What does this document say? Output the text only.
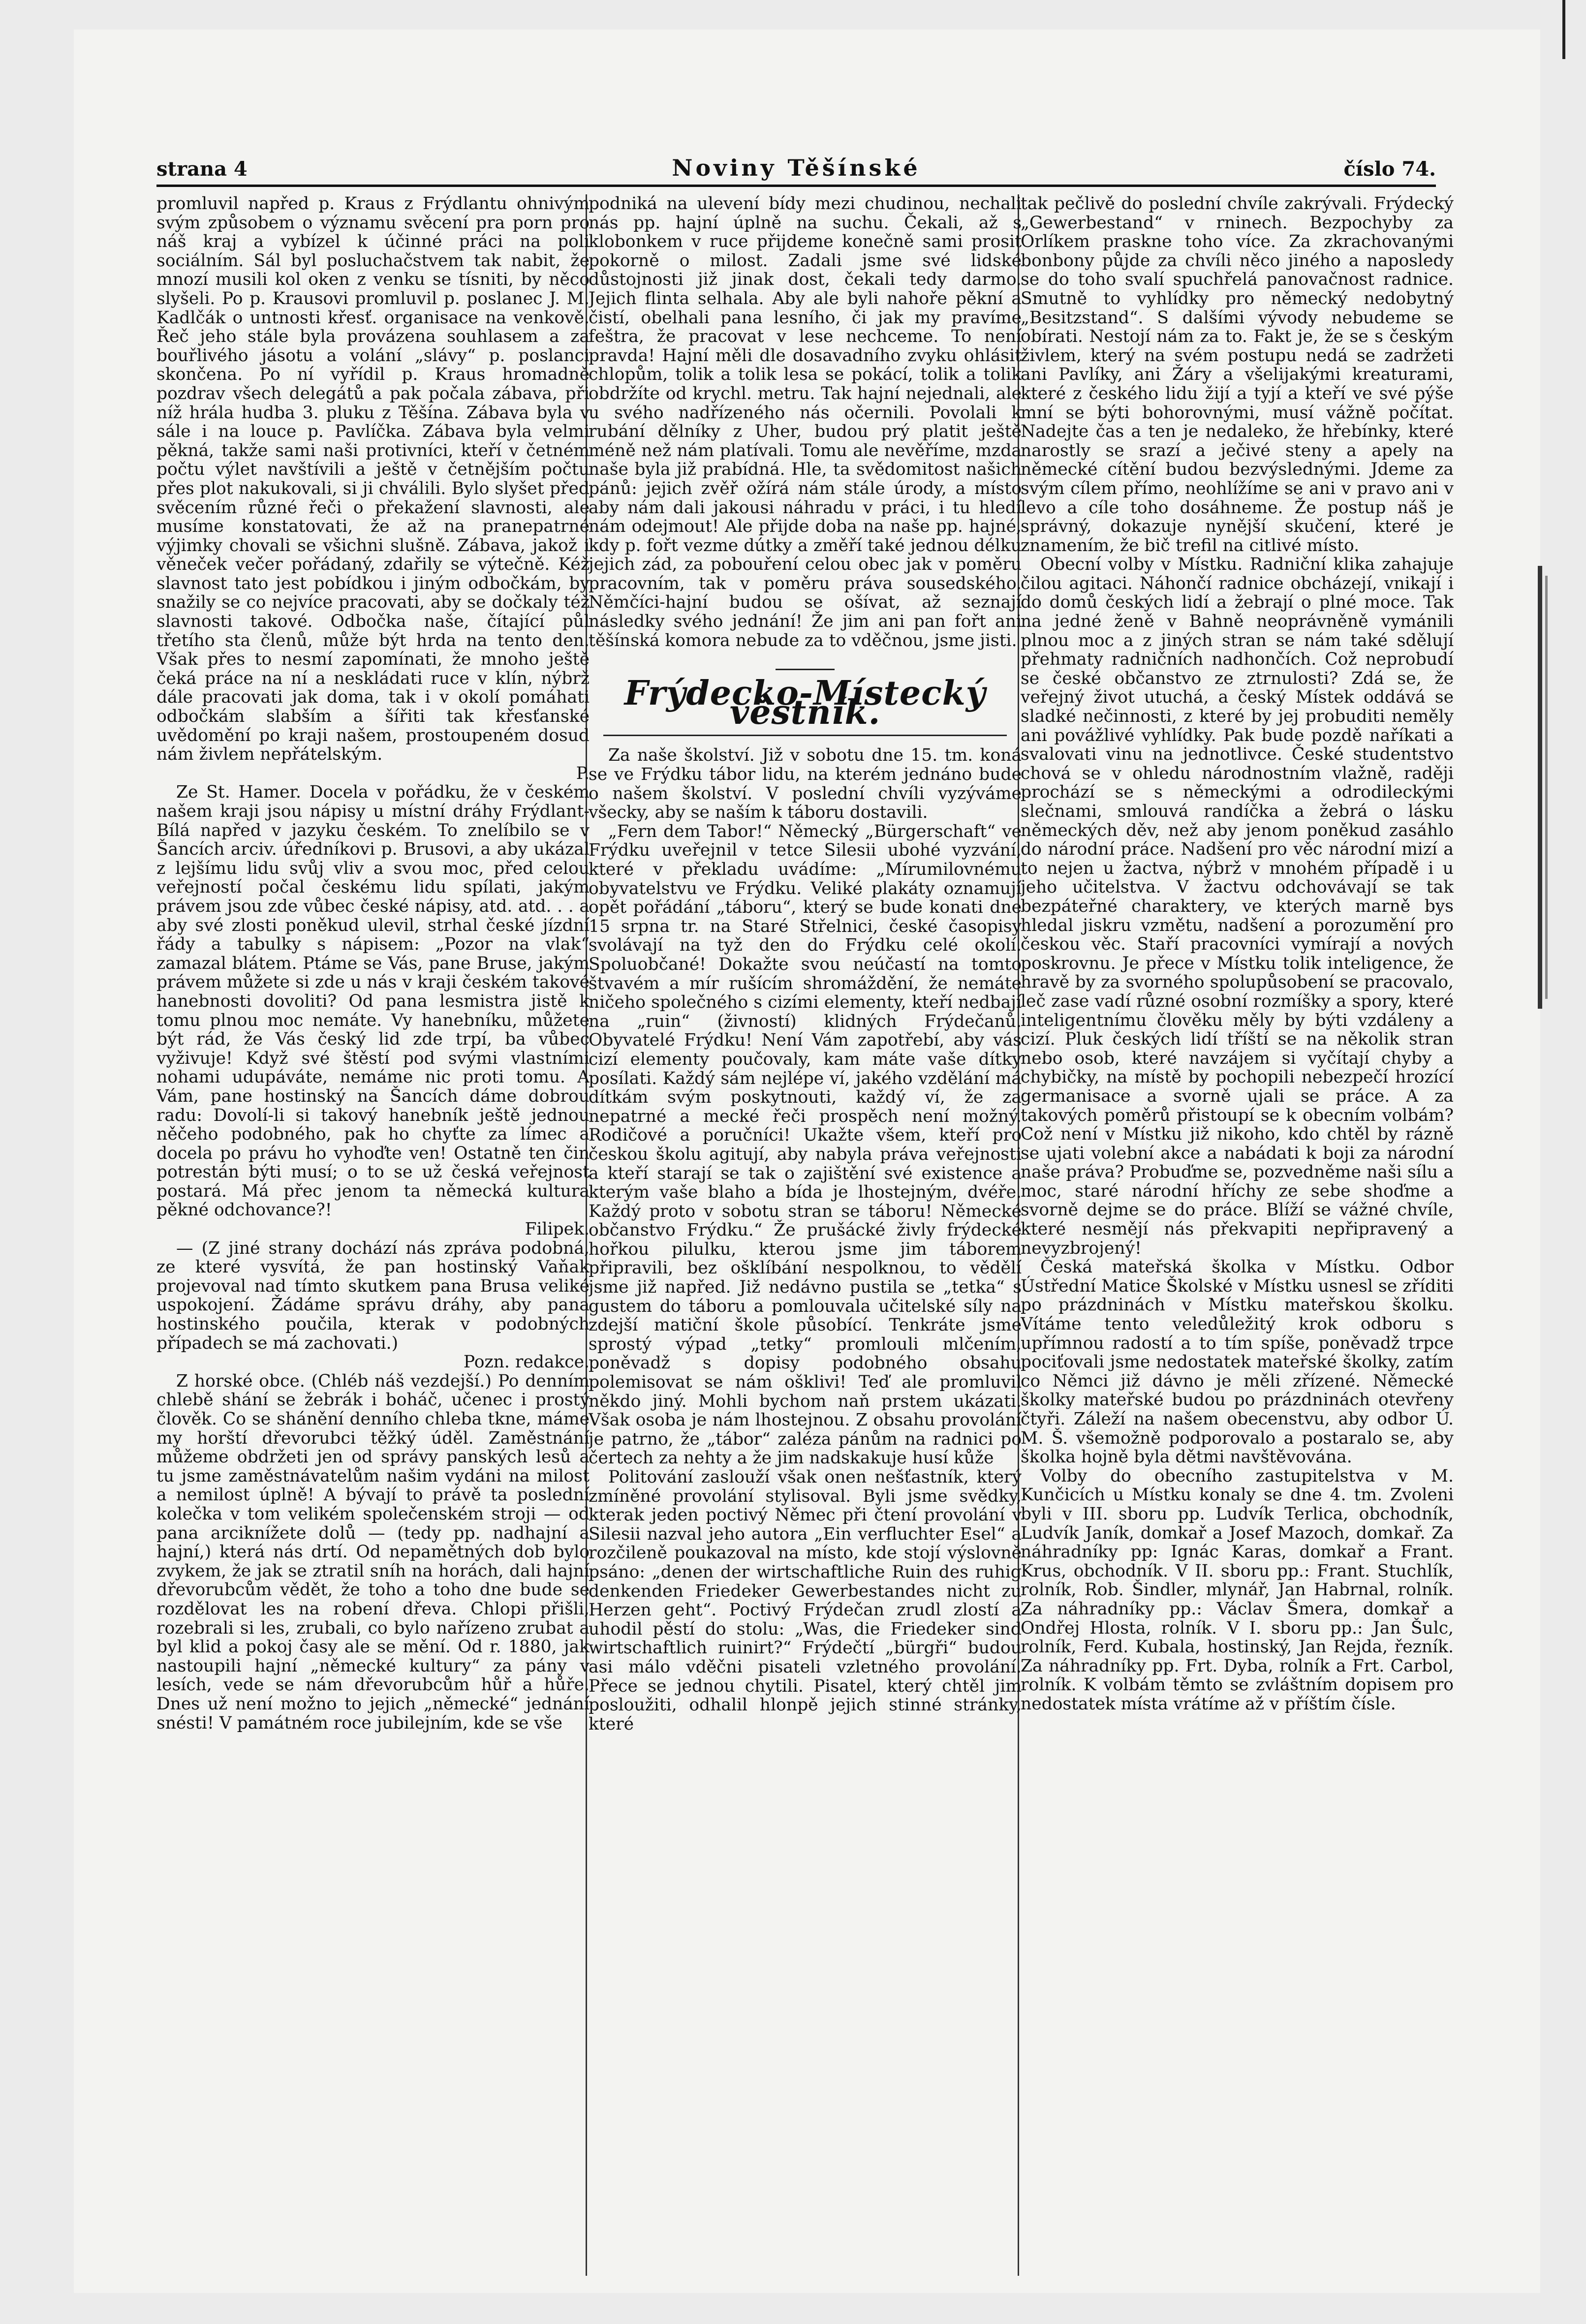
strana 4	Noviny Těšínské	číslo 74.

promluvil napřed p. Kraus z Frýdlantu ohnivým svým způsobem o významu svěcení pra porn pro náš kraj a vybízel k účinné práci na poli sociálním. Sál byl posluchačstvem tak nabit, že mnozí musili kol oken z venku se tísniti, by něco slyšeli. Po p. Krausovi promluvil p. poslanec J. M. Kadlčák o untnosti křesť. organisace na venkově. Řeč jeho stále byla provázena souhlasem a za bouřlivého jásotu a volání „slávy“ p. poslanci skončena. Po ní vyřídil p. Kraus hromadně pozdrav všech delegátů a pak počala zábava, při níž hrála hudba 3. pluku z Těšína. Zábava byla v sále i na louce p. Pavlíčka. Zábava byla velmi pěkná, takže sami naši protivníci, kteří v četném počtu výlet navštívili a ještě v četnějším počtu přes plot nakukovali, si ji chválili. Bylo slyšet před svěcením různé řeči o překažení slavnosti, ale musíme konstatovati, že až na pranepatrné výjimky chovali se všichni slušně. Zábava, jakož i věneček večer pořádaný, zdařily se výtečně. Kéž slavnost tato jest pobídkou i jiným odbočkám, by snažily se co nejvíce pracovati, aby se dočkaly též slavnosti takové. Odbočka naše, čítající půl třetího sta členů, může být hrda na tento den. Však přes to nesmí zapomínati, že mnoho ještě čeká práce na ní a neskládati ruce v klín, nýbrž dále pracovati jak doma, tak i v okolí pomáhati odbočkám slabším a šířiti tak křesťanské uvědomění po kraji našem, prostoupeném dosud nám živlem nepřátelským.

P.

Ze St. Hamer. Docela v pořádku, že v českém našem kraji jsou nápisy u místní dráhy Frýdlant-Bílá napřed v jazyku českém. To znelíbilo se v Šancích arciv. úředníkovi p. Brusovi, a aby ukázal z lejšímu lidu svůj vliv a svou moc, před celou veřejností počal českému lidu spílati, jakým právem jsou zde vůbec české nápisy, atd. atd. . . a aby své zlosti poněkud ulevil, strhal české jízdní řády a tabulky s nápisem: „Pozor na vlak“ zamazal blátem. Ptáme se Vás, pane Bruse, jakým právem můžete si zde u nás v kraji českém takové hanebnosti dovoliti? Od pana lesmistra jistě k tomu plnou moc nemáte. Vy hanebníku, můžete být rád, že Vás český lid zde trpí, ba vůbec vyživuje! Když své štěstí pod svými vlastními nohami udupáváte, nemáme nic proti tomu. A Vám, pane hostinský na Šancích dáme dobrou radu: Dovolí-li si takový hanebník ještě jednou něčeho podobného, pak ho chyťte za límec a docela po právu ho vyhoďte ven! Ostatně ten čin potrestán býti musí; o to se už česká veřejnost postará. Má přec jenom ta německá kultura pěkné odchovance?!

Filipek.

— (Z jiné strany dochází nás zpráva podobná, ze které vysvítá, že pan hostinský Vaňak projevoval nad tímto skutkem pana Brusa veliké uspokojení. Žádáme správu dráhy, aby pana hostinského poučila, kterak v podobných případech se má zachovati.)

Pozn. redakce.

Z horské obce. (Chléb náš vezdejší.) Po denním chlebě shání se žebrák i boháč, učenec i prostý člověk. Co se shánění denního chleba tkne, máme my horští dřevorubci těžký úděl. Zaměstnání můžeme obdržeti jen od správy panských lesů a tu jsme zaměstnávatelům našim vydáni na milost a nemilost úplně! A bývají to právě ta poslední kolečka v tom velikém společenském stroji — od pana arciknížete dolů — (tedy pp. nadhajní a hajní,) která nás drtí. Od nepamětných dob bylo zvykem, že jak se ztratil sníh na horách, dali hajní dřevorubcům vědět, že toho a toho dne bude se rozdělovat les na robení dřeva. Chlopi přišli, rozebrali si les, zrubali, co bylo nařízeno zrubat a byl klid a pokoj časy ale se mění. Od r. 1880, jak nastoupili hajní „německé kultury“ za pány v lesích, vede se nám dřevorubcům hůř a hůře. Dnes už není možno to jejich „německé“ jednání snésti! V památném roce jubilejním, kde se vše

podniká na ulevení bídy mezi chudinou, nechali nás pp. hajní úplně na suchu. Čekali, až s klobonkem v ruce přijdeme konečně sami prosit pokorně o milost. Zadali jsme své lidské důstojnosti již jinak dost, čekali tedy darmo. Jejich flinta selhala. Aby ale byli nahoře pěkní a čistí, obelhali pana lesního, či jak my pravíme feštra, že pracovat v lese nechceme. To není pravda! Hajní měli dle dosavadního zvyku ohlásit chlopům, tolik a tolik lesa se pokácí, tolik a tolik obdržíte od krychl. metru. Tak hajní nejednali, ale u svého nadřízeného nás očernili. Povolali k rubání dělníky z Uher, budou prý platit ještě méně než nám platívali. Tomu ale nevěříme, mzda naše byla již prabídná. Hle, ta svědomitost našich pánů: jejich zvěř ožírá nám stále úrody, a místo aby nám dali jakousi náhradu v práci, i tu hledí nám odejmout! Ale přijde doba na naše pp. hajné, kdy p. fořt vezme dútky a změří také jednou délku jejich zád, za pobouření celou obec jak v poměru pracovním, tak v poměru práva sousedského. Němčíci-hajní budou se ošívat, až seznají následky svého jednání! Že jim ani pan fořt ani těšínská komora nebude za to vděčnou, jsme jisti.

Frýdecko-Místecký věstník.

Za naše školství. Již v sobotu dne 15. tm. koná se ve Frýdku tábor lidu, na kterém jednáno bude o našem školství. V poslední chvíli vyzýváme všecky, aby se naším k táboru dostavili.

„Fern dem Tabor!“ Německý „Bürgerschaft“ ve Frýdku uveřejnil v tetce Silesii ubohé vyzvání, které v překladu uvádíme: „Mírumilovnému obyvatelstvu ve Frýdku. Veliké plakáty oznamují opět pořádání „táboru“, který se bude konati dne 15 srpna tr. na Staré Střelnici, české časopisy svolávají na tyž den do Frýdku celé okolí. Spoluobčané! Dokažte svou neúčastí na tomto štvavém a mír rušícím shromáždění, že nemáte ničeho společného s cizími elementy, kteří nedbají na „ruin“ (živností) klidných Frýdečanů. Obyvatelé Frýdku! Není Vám zapotřebí, aby vás cizí elementy poučovaly, kam máte vaše dítky posílati. Každý sám nejlépe ví, jakého vzdělání má dítkám svým poskytnouti, každý ví, že za nepatrné a mecké řeči prospěch není možný. Rodičové a poručníci! Ukažte všem, kteří pro českou školu agitují, aby nabyla práva veřejnosti a kteří starají se tak o zajištění své existence a kterým vaše blaho a bída je lhostejným, dvéře. Každý proto v sobotu stran se táboru! Německé občanstvo Frýdku.“ Že prušácké živly frýdecké hořkou pilulku, kterou jsme jim táborem připravili, bez ošklíbání nespolknou, to vědělí jsme již napřed. Již nedávno pustila se „tetka“ s gustem do táboru a pomlouvala učitelské síly na zdejší matiční škole působící. Tenkráte jsme sprostý výpad „tetky“ promlouli mlčením, poněvadž s dopisy podobného obsahu polemisovat se nám ošklivi! Teď ale promluvil někdo jiný. Mohli bychom naň prstem ukázati. Však osoba je nám lhostejnou. Z obsahu provolání je patrno, že „tábor“ zaléza pánům na radnici po čertech za nehty a že jim nadskakuje husí kůže

Politování zaslouží však onen nešťastník, který zmíněné provolání stylisoval. Byli jsme svědky, kterak jeden poctivý Němec při čtení provolání v Silesii nazval jeho autora „Ein verfluchter Esel“ a rozčileně poukazoval na místo, kde stojí výslovně psáno: „denen der wirtschaftliche Ruin des ruhig denkenden Friedeker Gewerbestandes nicht zu Herzen geht“. Poctivý Frýdečan zrudl zlostí a uhodil pěstí do stolu: „Was, die Friedeker sind wirtschaftlich ruinirt?“ Frýdečtí „bürgři“ budou asi málo vděčni pisateli vzletného provolání. Přece se jednou chytili. Pisatel, který chtěl jim posloužiti, odhalil hlonpě jejich stinné stránky, které

tak pečlivě do poslední chvíle zakrývali. Frýdecký „Gewerbestand“ v rninech. Bezpochyby za Orlíkem praskne toho více. Za zkrachovanými bonbony půjde za chvíli něco jiného a naposledy se do toho svalí spuchřelá panovačnost radnice. Smutně to vyhlídky pro německý nedobytný „Besitzstand“. S dalšími vývody nebudeme se obírati. Nestojí nám za to. Fakt je, že se s českým živlem, který na svém postupu nedá se zadržeti ani Pavlíky, ani Žáry a všelijakými kreaturami, které z českého lidu žijí a tyjí a kteří ve své pýše mní se býti bohorovnými, musí vážně počítat. Nadejte čas a ten je nedaleko, že hřebínky, které narostly se srazí a ječivé steny a apely na německé cítění budou bezvýslednými. Jdeme za svým cílem přímo, neohlížíme se ani v pravo ani v levo a cíle toho dosáhneme. Že postup náš je správný, dokazuje nynější skučení, které je znamením, že bič trefil na citlivé místo.

Obecní volby v Místku. Radniční klika zahajuje čilou agitaci. Náhončí radnice obcházejí, vnikají i do domů českých lidí a žebrají o plné moce. Tak na jedné ženě v Bahně neoprávněně vymánili plnou moc a z jiných stran se nám také sdělují přehmaty radničních nadhončích. Což neprobudí se české občanstvo ze ztrnulosti? Zdá se, že veřejný život utuchá, a český Místek oddává se sladké nečinnosti, z které by jej probuditi neměly ani povážlivé vyhlídky. Pak bude pozdě naříkati a svalovati vinu na jednotlivce. České studentstvo chová se v ohledu národnostním vlažně, raději prochází se s německými a odrodileckými slečnami, smlouvá randíčka a žebrá o lásku německých děv, než aby jenom poněkud zasáhlo do národní práce. Nadšení pro věc národní mizí a to nejen u žactva, nýbrž v mnohém případě i u jeho učitelstva. V žactvu odchovávají se tak bezpáteřné charaktery, ve kterých marně bys hledal jiskru vzmětu, nadšení a porozumění pro českou věc. Staří pracovníci vymírají a nových poskrovnu. Je přece v Místku tolik inteligence, že hravě by za svorného spolupůsobení se pracovalo, leč zase vadí různé osobní rozmíšky a spory, které inteligentnímu člověku měly by býti vzdáleny a cizí. Pluk českých lidí tříští se na několik stran nebo osob, které navzájem si vyčítají chyby a chybičky, na místě by pochopili nebezpečí hrozící germanisace a svorně ujali se práce. A za takových poměrů přistoupí se k obecním volbám? Což není v Místku již nikoho, kdo chtěl by rázně se ujati volební akce a nabádati k boji za národní naše práva? Probuďme se, pozvedněme naši sílu a moc, staré národní hříchy ze sebe shoďme a svorně dejme se do práce. Blíží se vážné chvíle, které nesmějí nás překvapiti nepřipravený a nevyzbrojený!

Česká mateřská školka v Místku. Odbor Ústřední Matice Školské v Místku usnesl se zříditi po prázdninách v Místku mateřskou školku. Vítáme tento veledůležitý krok odboru s upřímnou radostí a to tím spíše, poněvadž trpce pociťovali jsme nedostatek mateřské školky, zatím co Němci již dávno je měli zřízené. Německé školky mateřské budou po prázdninách otevřeny čtyři. Záleží na našem obecenstvu, aby odbor Ú. M. Š. všemožně podporovalo a postaralo se, aby školka hojně byla dětmi navštěvována.

Volby do obecního zastupitelstva v M. Kunčicích u Místku konaly se dne 4. tm. Zvoleni byli v III. sboru pp. Ludvík Terlica, obchodník, Ludvík Janík, domkař a Josef Mazoch, domkař. Za náhradníky pp: Ignác Karas, domkař a Frant. Krus, obchodník. V II. sboru pp.: Frant. Stuchlík, rolník, Rob. Šindler, mlynář, Jan Habrnal, rolník. Za náhradníky pp.: Václav Šmera, domkař a Ondřej Hlosta, rolník. V I. sboru pp.: Jan Šulc, rolník, Ferd. Kubala, hostinský, Jan Rejda, řezník. Za náhradníky pp. Frt. Dyba, rolník a Frt. Carbol, rolník. K volbám těmto se zvláštním dopisem pro nedostatek místa vrátíme až v příštím čísle.
